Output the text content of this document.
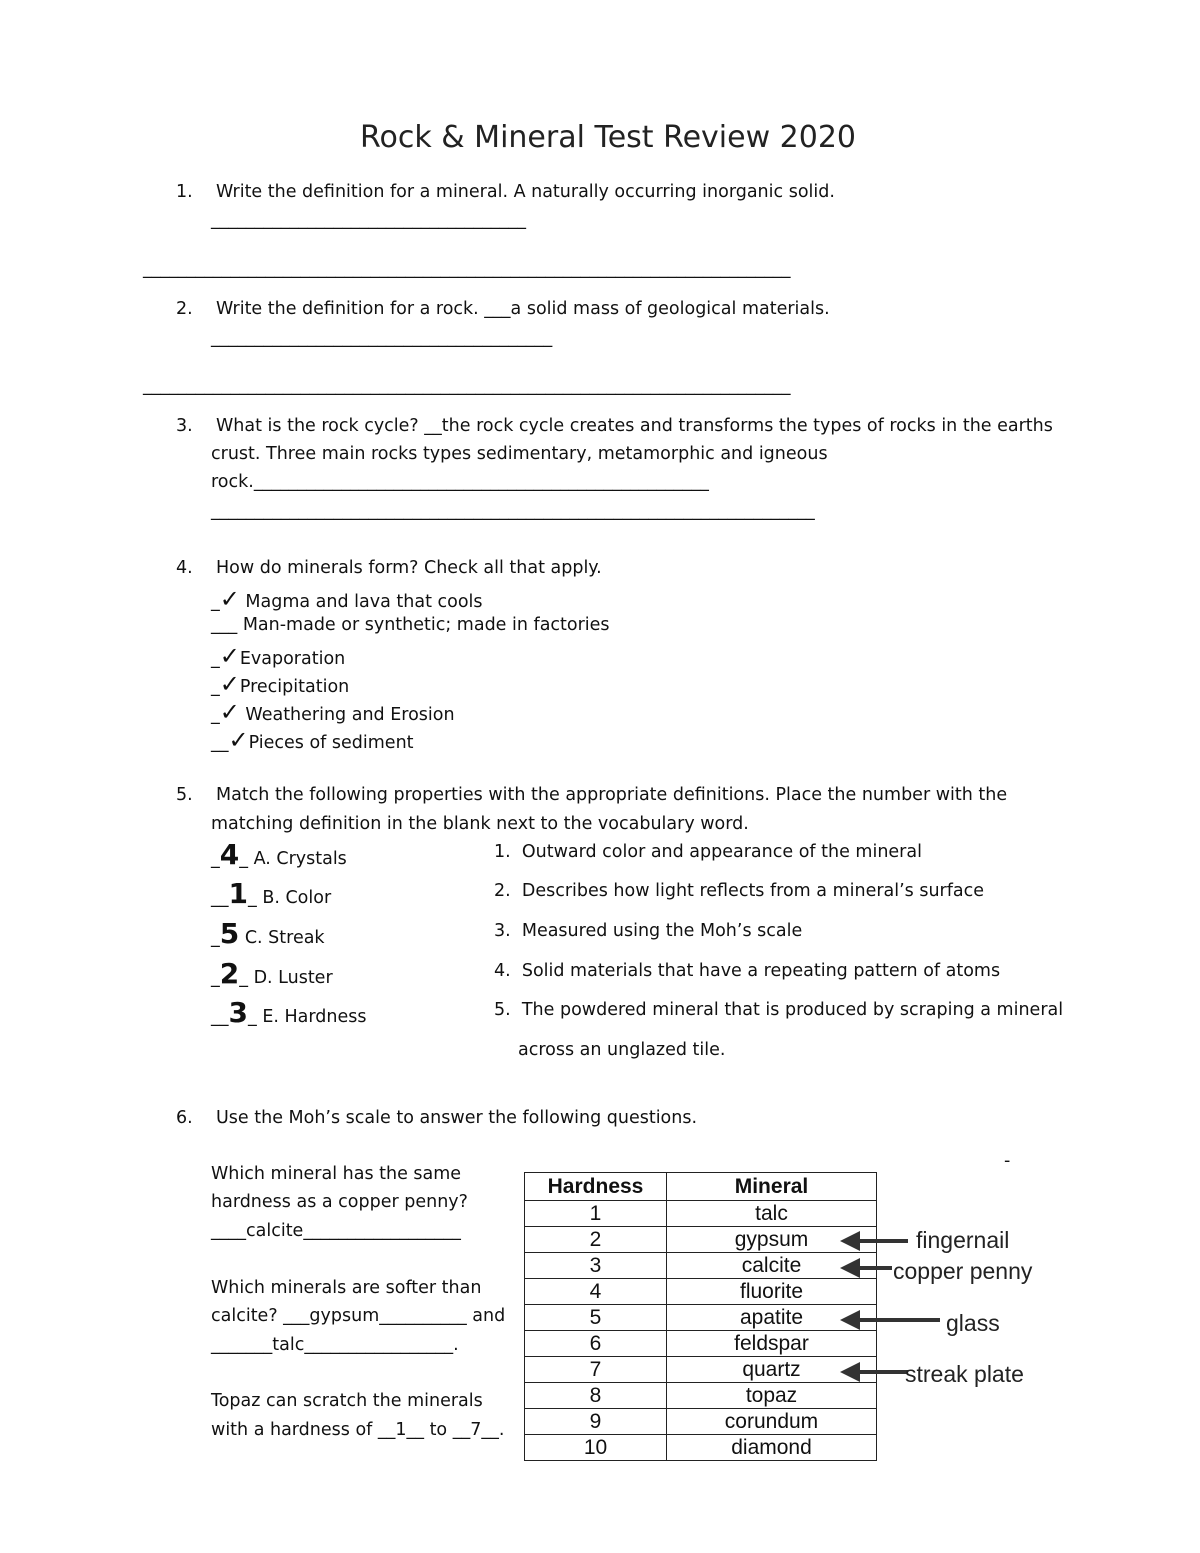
Rock & Mineral Test Review 2020
1. Write the definition for a mineral. A naturally occurring inorganic solid.
____________________________________
__________________________________________________________________________
2. Write the definition for a rock. ___a solid mass of geological materials.
_______________________________________
__________________________________________________________________________
3. What is the rock cycle? __the rock cycle creates and transforms the types of rocks in the earths
crust. Three main rocks types sedimentary, metamorphic and igneous
rock.____________________________________________________
_____________________________________________________________________
4. How do minerals form? Check all that apply.
_✓ Magma and lava that cools
___ Man-made or synthetic; made in factories
_✓Evaporation
_✓Precipitation
_✓ Weathering and Erosion
__✓Pieces of sediment
5. Match the following properties with the appropriate definitions. Place the number with the
matching definition in the blank next to the vocabulary word.
_4_ A. Crystals
__1_ B. Color
_5 C. Streak
_2_ D. Luster
__3_ E. Hardness
1. Outward color and appearance of the mineral
2. Describes how light reflects from a mineral’s surface
3. Measured using the Moh’s scale
4. Solid materials that have a repeating pattern of atoms
5. The powdered mineral that is produced by scraping a mineral
across an unglazed tile.
6. Use the Moh’s scale to answer the following questions.
-
Which mineral has the same
hardness as a copper penny?
____calcite__________________
Which minerals are softer than
calcite? ___gypsum__________ and
_______talc_________________.
Topaz can scratch the minerals
with a hardness of __1__ to __7__.
Hardness	Mineral
1	talc
2	gypsum
3	calcite
4	fluorite
5	apatite
6	feldspar
7	quartz
8	topaz
9	corundum
10	diamond
fingernail
copper penny
glass
streak plate
